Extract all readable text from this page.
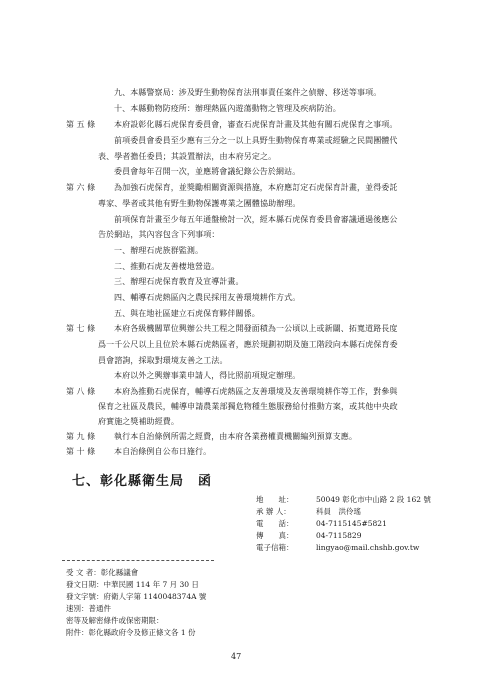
九、本縣警察局：涉及野生動物保育法刑事責任案件之偵辦、移送等事項。
十、本縣動物防疫所：辦理熱區內遊蕩動物之管理及疾病防治。
第 五 條 本府設彰化縣石虎保育委員會，審查石虎保育計畫及其他有關石虎保育之事項。
前項委員會委員至少應有三分之一以上具野生動物保育專業或經驗之民間團體代
表、學者擔任委員；其設置辦法，由本府另定之。
委員會每年召開一次，並應將會議紀錄公告於網站。
第 六 條 為加強石虎保育，並獎勵相關資源與措施，本府應訂定石虎保育計畫，並得委託
專家、學者或其他有野生動物保護專業之團體協助辦理。
前項保育計畫至少每五年通盤檢討一次，經本縣石虎保育委員會審議通過後應公
告於網站，其內容包含下列事項：
一、辦理石虎族群監測。
二、推動石虎友善棲地營造。
三、辦理石虎保育教育及宣導計畫。
四、輔導石虎熱區內之農民採用友善環境耕作方式。
五、與在地社區建立石虎保育夥伴關係。
第 七 條 本府各級機關單位興辦公共工程之開發面積為一公頃以上或新闢、拓寬道路長度
爲一千公尺以上且位於本縣石虎熱區者，應於規劃初期及施工階段向本縣石虎保育委
員會諮詢，採取對環境友善之工法。
本府以外之興辦事業申請人，得比照前項規定辦理。
第 八 條 本府為推動石虎保育，輔導石虎熱區之友善環境及友善環境耕作等工作，對參與
保育之社區及農民，輔導申請農業部獨危物種生態服務給付推動方案，或其他中央政
府實施之獎補助經費。
第 九 條 執行本自治條例所需之經費，由本府各業務權責機關編列預算支應。
第 十 條 本自治條例自公布日施行。
七、彰化縣衛生局　函
地　　址：	50049 彰化市中山路 2 段 162 號
承 辦 人：	科員　洪伶瑤
電　　話：	04-7115145#5821
傳　　真：	04-7115829
電子信箱：	lingyao@mail.chshb.gov.tw
受 文 者：彰化縣議會
發文日期：中華民國 114 年 7 月 30 日
發文字號：府衛人字第 1140048374A 號
速別：普通件
密等及解密條件或保密期限：
附件：彰化縣政府令及修正條文各 1 份
47
